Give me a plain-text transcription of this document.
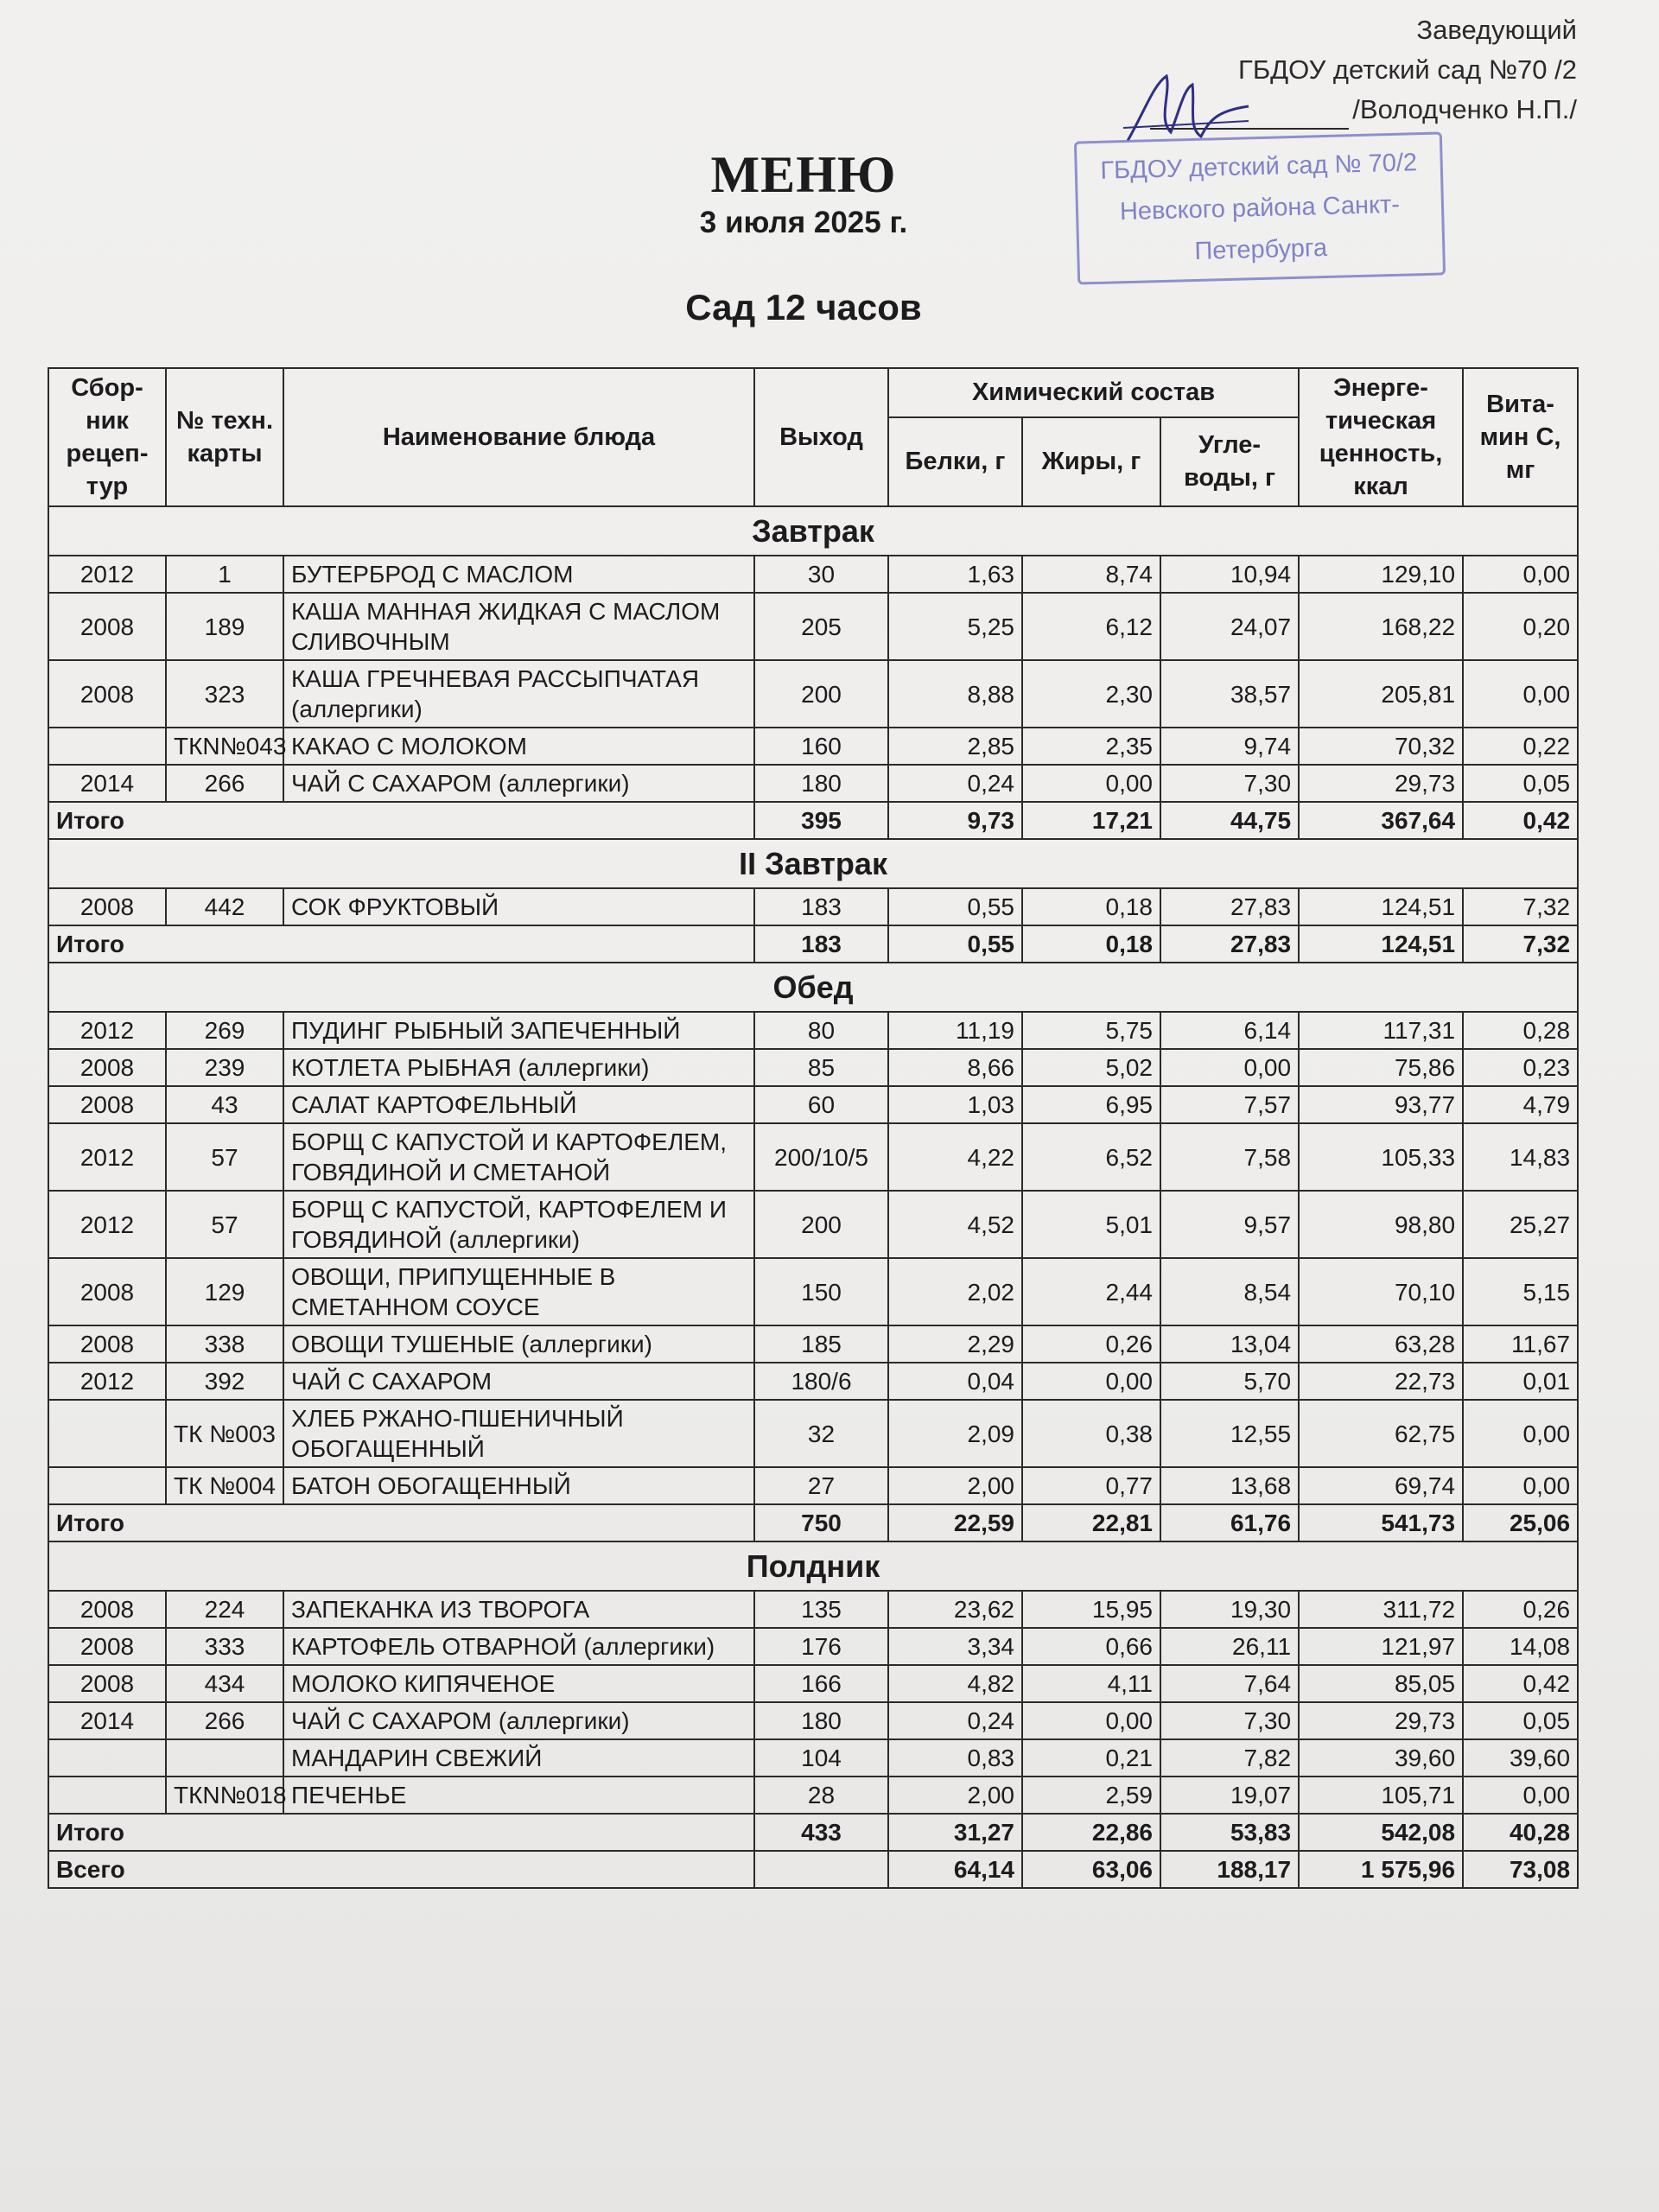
Заведующий
ГБДОУ детский сад №70 /2
/Володченко Н.П./
ГБДОУ детский сад № 70/2
Невского района Санкт-Петербурга
МЕНЮ
3 июля 2025 г.
Сад 12 часов
Сбор-ник рецеп-тур	№ техн. карты	Наименование блюда	Выход	Химический состав			Энерге-тическая ценность, ккал	Вита-мин С, мг
				Белки, г	Жиры, г	Угле-воды, г		
Завтрак								
2012	1	БУТЕРБРОД С МАСЛОМ	30	1,63	8,74	10,94	129,10	0,00
2008	189	КАША МАННАЯ ЖИДКАЯ С МАСЛОМ СЛИВОЧНЫМ	205	5,25	6,12	24,07	168,22	0,20
2008	323	КАША ГРЕЧНЕВАЯ РАССЫПЧАТАЯ (аллергики)	200	8,88	2,30	38,57	205,81	0,00
	ТКN№043	КАКАО С МОЛОКОМ	160	2,85	2,35	9,74	70,32	0,22
2014	266	ЧАЙ С САХАРОМ (аллергики)	180	0,24	0,00	7,30	29,73	0,05
Итого			395	9,73	17,21	44,75	367,64	0,42
II Завтрак								
2008	442	СОК ФРУКТОВЫЙ	183	0,55	0,18	27,83	124,51	7,32
Итого			183	0,55	0,18	27,83	124,51	7,32
Обед								
2012	269	ПУДИНГ РЫБНЫЙ ЗАПЕЧЕННЫЙ	80	11,19	5,75	6,14	117,31	0,28
2008	239	КОТЛЕТА РЫБНАЯ (аллергики)	85	8,66	5,02	0,00	75,86	0,23
2008	43	САЛАТ КАРТОФЕЛЬНЫЙ	60	1,03	6,95	7,57	93,77	4,79
2012	57	БОРЩ С КАПУСТОЙ И КАРТОФЕЛЕМ, ГОВЯДИНОЙ И СМЕТАНОЙ	200/10/5	4,22	6,52	7,58	105,33	14,83
2012	57	БОРЩ С КАПУСТОЙ, КАРТОФЕЛЕМ И ГОВЯДИНОЙ (аллергики)	200	4,52	5,01	9,57	98,80	25,27
2008	129	ОВОЩИ, ПРИПУЩЕННЫЕ В СМЕТАННОМ СОУСЕ	150	2,02	2,44	8,54	70,10	5,15
2008	338	ОВОЩИ ТУШЕНЫЕ (аллергики)	185	2,29	0,26	13,04	63,28	11,67
2012	392	ЧАЙ С САХАРОМ	180/6	0,04	0,00	5,70	22,73	0,01
	ТК №003	ХЛЕБ РЖАНО-ПШЕНИЧНЫЙ ОБОГАЩЕННЫЙ	32	2,09	0,38	12,55	62,75	0,00
	ТК №004	БАТОН ОБОГАЩЕННЫЙ	27	2,00	0,77	13,68	69,74	0,00
Итого			750	22,59	22,81	61,76	541,73	25,06
Полдник								
2008	224	ЗАПЕКАНКА ИЗ ТВОРОГА	135	23,62	15,95	19,30	311,72	0,26
2008	333	КАРТОФЕЛЬ ОТВАРНОЙ (аллергики)	176	3,34	0,66	26,11	121,97	14,08
2008	434	МОЛОКО КИПЯЧЕНОЕ	166	4,82	4,11	7,64	85,05	0,42
2014	266	ЧАЙ С САХАРОМ (аллергики)	180	0,24	0,00	7,30	29,73	0,05
		МАНДАРИН СВЕЖИЙ	104	0,83	0,21	7,82	39,60	39,60
	ТКN№018	ПЕЧЕНЬЕ	28	2,00	2,59	19,07	105,71	0,00
Итого			433	31,27	22,86	53,83	542,08	40,28
Всего				64,14	63,06	188,17	1 575,96	73,08
